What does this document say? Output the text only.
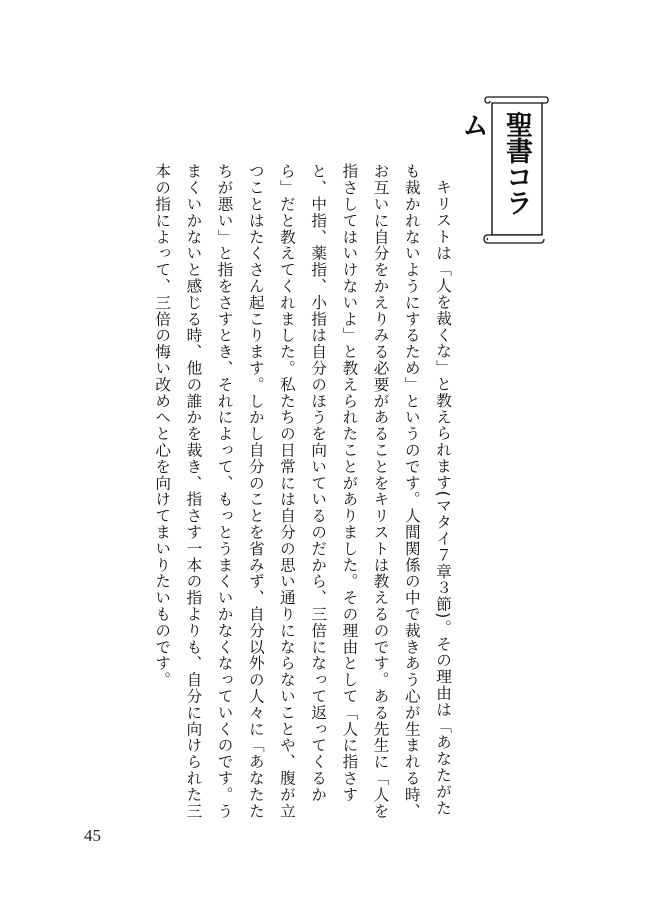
聖書コラム

キリストは「人を裁くな」と教えられます(マタイ７章３節)。その理由は「あなたがたも裁かれないようにするため」というのです。人間関係の中で裁きあう心が生まれる時、お互いに自分をかえりみる必要があることをキリストは教えるのです。ある先生に「人を指さしてはいけないよ」と教えられたことがありました。その理由として「人に指さすと、中指、薬指、小指は自分のほうを向いているのだから、三倍になって返ってくるから」だと教えてくれました。私たちの日常には自分の思い通りにならないことや、腹が立つことはたくさん起こります。しかし自分のことを省みず、自分以外の人々に「あなたたちが悪い」と指をさすとき、それによって、もっとうまくいかなくなっていくのです。うまくいかないと感じる時、他の誰かを裁き、指さす一本の指よりも、自分に向けられた三本の指によって、三倍の悔い改めへと心を向けてまいりたいものです。

45
